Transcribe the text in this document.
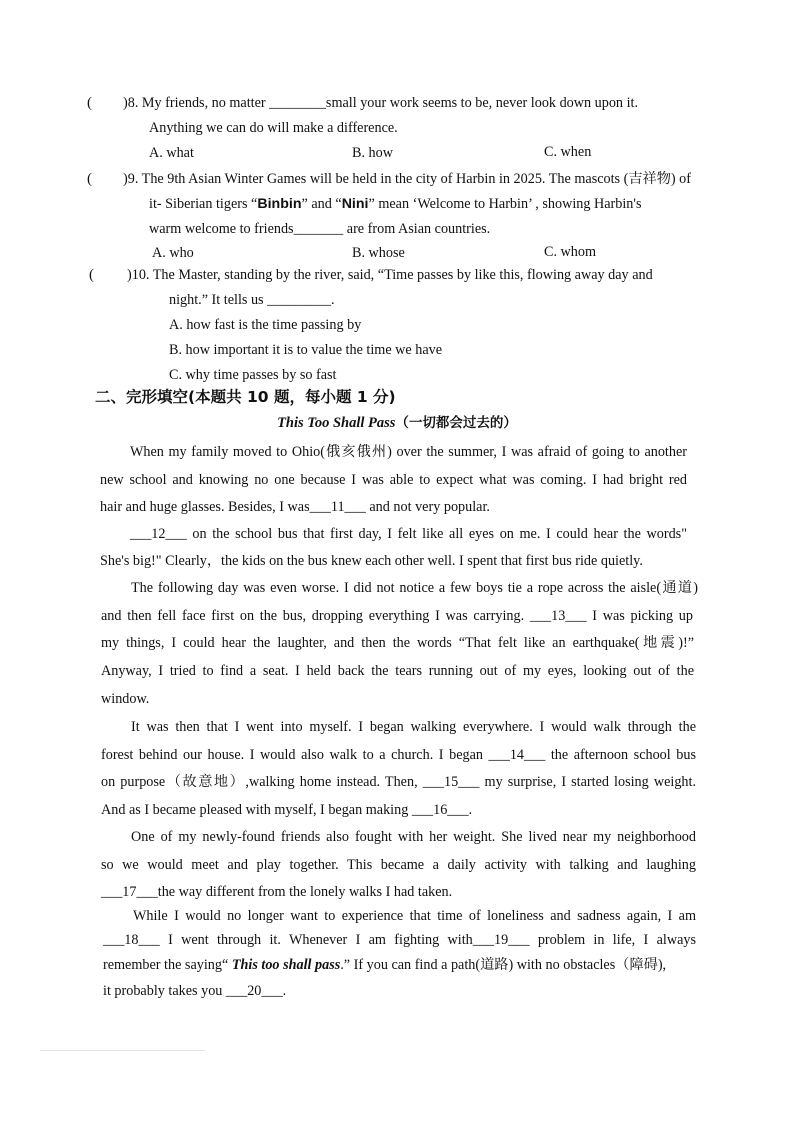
( )8. My friends, no matter ________small your work seems to be, never look down upon it.
Anything we can do will make a difference.
A. what	B. how	C. when
( )9. The 9th Asian Winter Games will be held in the city of Harbin in 2025. The mascots (吉祥物) of
it- Siberian tigers “Binbin” and “Nini” mean ‘Welcome to Harbin’ , showing Harbin's
warm welcome to friends_______ are from Asian countries.
A. who	B. whose	C. whom
( )10. The Master, standing by the river, said, “Time passes by like this, flowing away day and
night.” It tells us _________.
A. how fast is the time passing by
B. how important it is to value the time we have
C. why time passes by so fast
二、完形填空(本题共 10 题，每小题 1 分)
This Too Shall Pass（一切都会过去的）
When my family moved to Ohio(俄亥俄州) over the summer, I was afraid of going to another
new school and knowing no one because I was able to expect what was coming. I had bright red
hair and huge glasses. Besides, I was___11___ and not very popular.
___12___ on the school bus that first day, I felt like all eyes on me. I could hear the words"
She's big!" Clearly，the kids on the bus knew each other well. I spent that first bus ride quietly.
The following day was even worse. I did not notice a few boys tie a rope across the aisle(通道)
and then fell face first on the bus, dropping everything I was carrying. ___13___ I was picking up
my things, I could hear the laughter, and then the words “That felt like an earthquake(地震)!”
Anyway, I tried to find a seat. I held back the tears running out of my eyes, looking out of the
window.
It was then that I went into myself. I began walking everywhere. I would walk through the
forest behind our house. I would also walk to a church. I began ___14___ the afternoon school bus
on purpose（故意地）,walking home instead. Then, ___15___ my surprise, I started losing weight.
And as I became pleased with myself, I began making ___16___.
One of my newly-found friends also fought with her weight. She lived near my neighborhood
so we would meet and play together. This became a daily activity with talking and laughing
___17___the way different from the lonely walks I had taken.
While I would no longer want to experience that time of loneliness and sadness again, I am
___18___ I went through it. Whenever I am fighting with___19___ problem in life, I always
remember the saying“ This too shall pass.” If you can find a path(道路) with no obstacles（障碍),
it probably takes you ___20___.
